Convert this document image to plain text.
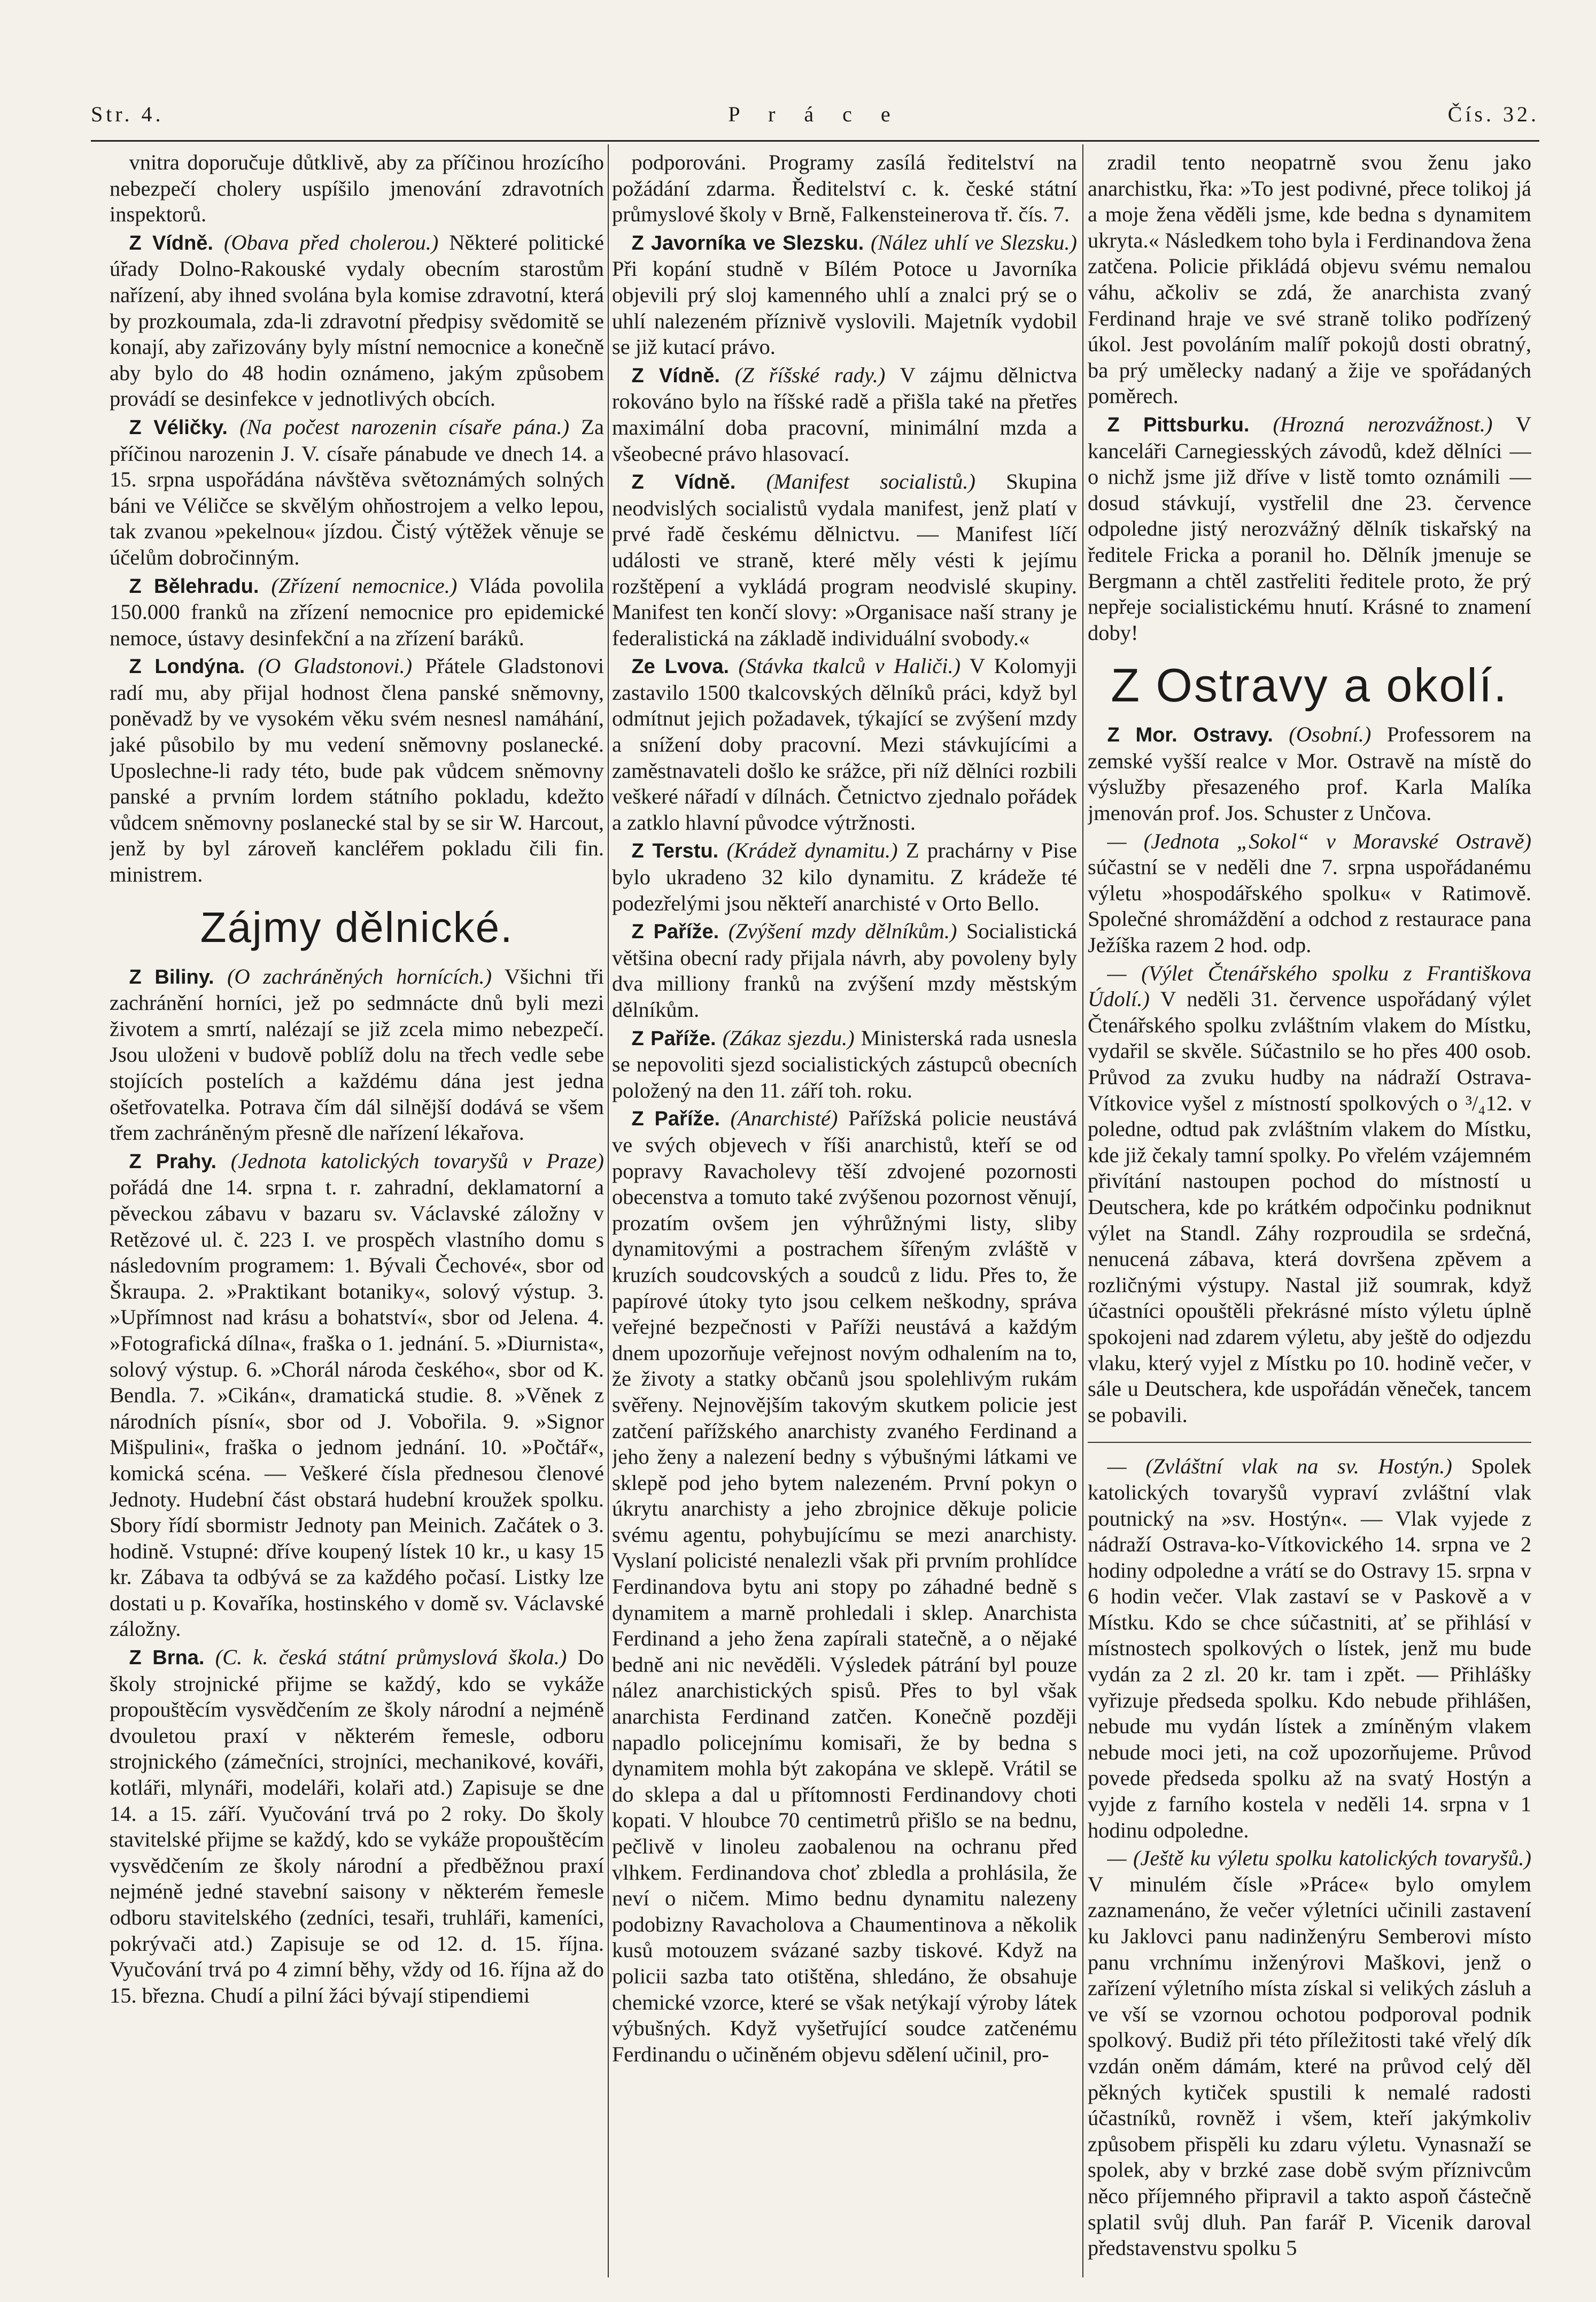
Str. 4.	P r á c e	Čís. 32.

vnitra doporučuje důtklivě, aby za příčinou hrozícího nebezpečí cholery uspíšilo jmenování zdravotních inspektorů.

Z Vídně. (Obava před cholerou.) Některé politické úřady Dolno-Rakouské vydaly obecním starostům nařízení, aby ihned svolána byla komise zdravotní, která by prozkoumala, zda-li zdravotní předpisy svědomitě se konají, aby zařizovány byly místní nemocnice a konečně aby bylo do 48 hodin oznámeno, jakým způsobem provádí se desinfekce v jednotlivých obcích.

Z Véličky. (Na počest narozenin císaře pána.) Za příčinou narozenin J. V. císaře pánabude ve dnech 14. a 15. srpna uspořádána návštěva světoznámých solných báni ve Véličce se skvělým ohňostrojem a velko lepou, tak zvanou »pekelnou« jízdou. Čistý výtěžek věnuje se účelům dobročinným.

Z Bělehradu. (Zřízení nemocnice.) Vláda povolila 150.000 franků na zřízení nemocnice pro epidemické nemoce, ústavy desinfekční a na zřízení baráků.

Z Londýna. (O Gladstonovi.) Přátele Gladstonovi radí mu, aby přijal hodnost člena panské sněmovny, poněvadž by ve vysokém věku svém nesnesl namáhání, jaké působilo by mu vedení sněmovny poslanecké. Uposlechne-li rady této, bude pak vůdcem sněmovny panské a prvním lordem státního pokladu, kdežto vůdcem sněmovny poslanecké stal by se sir W. Harcout, jenž by byl zároveň kancléřem pokladu čili fin. ministrem.

Zájmy dělnické.

Z Biliny. (O zachráněných hornících.) Všichni tři zachránění horníci, jež po sedmnácte dnů byli mezi životem a smrtí, nalézají se již zcela mimo nebezpečí. Jsou uloženi v budově poblíž dolu na třech vedle sebe stojících postelích a každému dána jest jedna ošetřovatelka. Potrava čím dál silnější dodává se všem třem zachráněným přesně dle nařízení lékařova.

Z Prahy. (Jednota katolických tovaryšů v Praze) pořádá dne 14. srpna t. r. zahradní, deklamatorní a pěveckou zábavu v bazaru sv. Václavské záložny v Retězové ul. č. 223 I. ve prospěch vlastního domu s následovním programem: 1. Bývali Čechové«, sbor od Škraupa. 2. »Praktikant botaniky«, solový výstup. 3. »Upřímnost nad krásu a bohatství«, sbor od Jelena. 4. »Fotografická dílna«, fraška o 1. jednání. 5. »Diurnista«, solový výstup. 6. »Chorál národa českého«, sbor od K. Bendla. 7. »Cikán«, dramatická studie. 8. »Věnek z národních písní«, sbor od J. Vobořila. 9. »Signor Mišpulini«, fraška o jednom jednání. 10. »Počtář«, komická scéna. — Veškeré čísla přednesou členové Jednoty. Hudební část obstará hudební kroužek spolku. Sbory řídí sbormistr Jednoty pan Meinich. Začátek o 3. hodině. Vstupné: dříve koupený lístek 10 kr., u kasy 15 kr. Zábava ta odbývá se za každého počasí. Listky lze dostati u p. Kovaříka, hostinského v domě sv. Václavské záložny.

Z Brna. (C. k. česká státní průmyslová škola.) Do školy strojnické přijme se každý, kdo se vykáže propouštěcím vysvědčením ze školy národní a nejméně dvouletou praxí v některém řemesle, odboru strojnického (zámečníci, strojníci, mechanikové, kováři, kotláři, mlynáři, modeláři, kolaři atd.) Zapisuje se dne 14. a 15. září. Vyučování trvá po 2 roky. Do školy stavitelské přijme se každý, kdo se vykáže propouštěcím vysvědčením ze školy národní a předběžnou praxí nejméně jedné stavební saisony v některém řemesle odboru stavitelského (zedníci, tesaři, truhláři, kameníci, pokrývači atd.) Zapisuje se od 12. d. 15. října. Vyučování trvá po 4 zimní běhy, vždy od 16. října až do 15. března. Chudí a pilní žáci bývají stipendiemi

podporováni. Programy zasílá ředitelství na požádání zdarma. Ředitelství c. k. české státní průmyslové školy v Brně, Falkensteinerova tř. čís. 7.

Z Javorníka ve Slezsku. (Nález uhlí ve Slezsku.) Při kopání studně v Bílém Potoce u Javorníka objevili prý sloj kamenného uhlí a znalci prý se o uhlí nalezeném příznivě vyslovili. Majetník vydobil se již kutací právo.

Z Vídně. (Z říšské rady.) V zájmu dělnictva rokováno bylo na říšské radě a přišla také na přetřes maximální doba pracovní, minimální mzda a všeobecné právo hlasovací.

Z Vídně. (Manifest socialistů.) Skupina neodvislých socialistů vydala manifest, jenž platí v prvé řadě českému dělnictvu. — Manifest líčí události ve straně, které měly vésti k jejímu rozštěpení a vykládá program neodvislé skupiny. Manifest ten končí slovy: »Organisace naší strany je federalistická na základě individuální svobody.«

Ze Lvova. (Stávka tkalců v Haliči.) V Kolomyji zastavilo 1500 tkalcovských dělníků práci, když byl odmítnut jejich požadavek, týkající se zvýšení mzdy a snížení doby pracovní. Mezi stávkujícími a zaměstnavateli došlo ke srážce, při níž dělníci rozbili veškeré nářadí v dílnách. Četnictvo zjednalo pořádek a zatklo hlavní původce výtržnosti.

Z Terstu. (Krádež dynamitu.) Z prachárny v Pise bylo ukradeno 32 kilo dynamitu. Z krádeže té podezřelými jsou někteří anarchisté v Orto Bello.

Z Paříže. (Zvýšení mzdy dělníkům.) Socialistická většina obecní rady přijala návrh, aby povoleny byly dva milliony franků na zvýšení mzdy městským dělníkům.

Z Paříže. (Zákaz sjezdu.) Ministerská rada usnesla se nepovoliti sjezd socialistických zástupců obecních položený na den 11. září toh. roku.

Z Paříže. (Anarchisté) Pařížská policie neustává ve svých objevech v říši anarchistů, kteří se od popravy Ravacholevy těší zdvojené pozornosti obecenstva a tomuto také zvýšenou pozornost věnují, prozatím ovšem jen výhrůžnými listy, sliby dynamitovými a postrachem šířeným zvláště v kruzích soudcovských a soudců z lidu. Přes to, že papírové útoky tyto jsou celkem neškodny, správa veřejné bezpečnosti v Paříži neustává a každým dnem upozorňuje veřejnost novým odhalením na to, že životy a statky občanů jsou spolehlivým rukám svěřeny. Nejnovějším takovým skutkem policie jest zatčení pařížského anarchisty zvaného Ferdinand a jeho ženy a nalezení bedny s výbušnými látkami ve sklepě pod jeho bytem nalezeném. První pokyn o úkrytu anarchisty a jeho zbrojnice děkuje policie svému agentu, pohybujícímu se mezi anarchisty. Vyslaní policisté nenalezli však při prvním prohlídce Ferdinandova bytu ani stopy po záhadné bedně s dynamitem a marně prohledali i sklep. Anarchista Ferdinand a jeho žena zapírali statečně, a o nějaké bedně ani nic nevěděli. Výsledek pátrání byl pouze nález anarchistických spisů. Přes to byl však anarchista Ferdinand zatčen. Konečně později napadlo policejnímu komisaři, že by bedna s dynamitem mohla být zakopána ve sklepě. Vrátil se do sklepa a dal u přítomnosti Ferdinandovy choti kopati. V hloubce 70 centimetrů přišlo se na bednu, pečlivě v linoleu zaobalenou na ochranu před vlhkem. Ferdinandova choť zbledla a prohlásila, že neví o ničem. Mimo bednu dynamitu nalezeny podobizny Ravacholova a Chaumentinova a několik kusů motouzem svázané sazby tiskové. Když na policii sazba tato otištěna, shledáno, že obsahuje chemické vzorce, které se však netýkají výroby látek výbušných. Když vyšetřující soudce zatčenému Ferdinandu o učiněném objevu sdělení učinil, pro-

zradil tento neopatrně svou ženu jako anarchistku, řka: »To jest podivné, přece tolikoj já a moje žena věděli jsme, kde bedna s dynamitem ukryta.« Následkem toho byla i Ferdinandova žena zatčena. Policie přikládá objevu svému nemalou váhu, ačkoliv se zdá, že anarchista zvaný Ferdinand hraje ve své straně toliko podřízený úkol. Jest povoláním malíř pokojů dosti obratný, ba prý umělecky nadaný a žije ve spořádaných poměrech.

Z Pittsburku. (Hrozná nerozvážnost.) V kanceláři Carnegiesských závodů, kdež dělníci — o nichž jsme již dříve v listě tomto oznámili — dosud stávkují, vystřelil dne 23. července odpoledne jistý nerozvážný dělník tiskařský na ředitele Fricka a poranil ho. Dělník jmenuje se Bergmann a chtěl zastřeliti ředitele proto, že prý nepřeje socialistickému hnutí. Krásné to znamení doby!

Z Ostravy a okolí.

Z Mor. Ostravy. (Osobní.) Professorem na zemské vyšší realce v Mor. Ostravě na místě do výslužby přesazeného prof. Karla Malíka jmenován prof. Jos. Schuster z Unčova.

— (Jednota „Sokol“ v Moravské Ostravě) súčastní se v neděli dne 7. srpna uspořádanému výletu »hospodářského spolku« v Ratimově. Společné shromáždění a odchod z restaurace pana Ježíška razem 2 hod. odp.

— (Výlet Čtenářského spolku z Františkova Údolí.) V neděli 31. července uspořádaný výlet Čtenářského spolku zvláštním vlakem do Místku, vydařil se skvěle. Súčastnilo se ho přes 400 osob. Průvod za zvuku hudby na nádraží Ostrava-Vítkovice vyšel z místností spolkových o ³/₄12. v poledne, odtud pak zvláštním vlakem do Místku, kde již čekaly tamní spolky. Po vřelém vzájemném přivítání nastoupen pochod do místností u Deutschera, kde po krátkém odpočinku podniknut výlet na Standl. Záhy rozproudila se srdečná, nenucená zábava, která dovršena zpěvem a rozličnými výstupy. Nastal již soumrak, když účastníci opouštěli překrásné místo výletu úplně spokojeni nad zdarem výletu, aby ještě do odjezdu vlaku, který vyjel z Místku po 10. hodině večer, v sále u Deutschera, kde uspořádán věneček, tancem se pobavili.

— (Zvláštní vlak na sv. Hostýn.) Spolek katolických tovaryšů vypraví zvláštní vlak poutnický na »sv. Hostýn«. — Vlak vyjede z nádraží Ostrava-ko-Vítkovického 14. srpna ve 2 hodiny odpoledne a vrátí se do Ostravy 15. srpna v 6 hodin večer. Vlak zastaví se v Paskově a v Místku. Kdo se chce súčastniti, ať se přihlásí v místnostech spolkových o lístek, jenž mu bude vydán za 2 zl. 20 kr. tam i zpět. — Přihlášky vyřizuje předseda spolku. Kdo nebude přihlášen, nebude mu vydán lístek a zmíněným vlakem nebude moci jeti, na což upozorňujeme. Průvod povede předseda spolku až na svatý Hostýn a vyjde z farního kostela v neděli 14. srpna v 1 hodinu odpoledne.

— (Ještě ku výletu spolku katolických tovaryšů.) V minulém čísle »Práce« bylo omylem zaznamenáno, že večer výletníci učinili zastavení ku Jaklovci panu nadinženýru Semberovi místo panu vrchnímu inženýrovi Maškovi, jenž o zařízení výletního místa získal si velikých zásluh a ve vší se vzornou ochotou podporoval podnik spolkový. Budiž při této příležitosti také vřelý dík vzdán oněm dámám, které na průvod celý děl pěkných kytiček spustili k nemalé radosti účastníků, rovněž i všem, kteří jakýmkoliv způsobem přispěli ku zdaru výletu. Vynasnaží se spolek, aby v brzké zase době svým příznivcům něco příjemného připravil a takto aspoň částečně splatil svůj dluh. Pan farář P. Vicenik daroval představenstvu spolku 5
